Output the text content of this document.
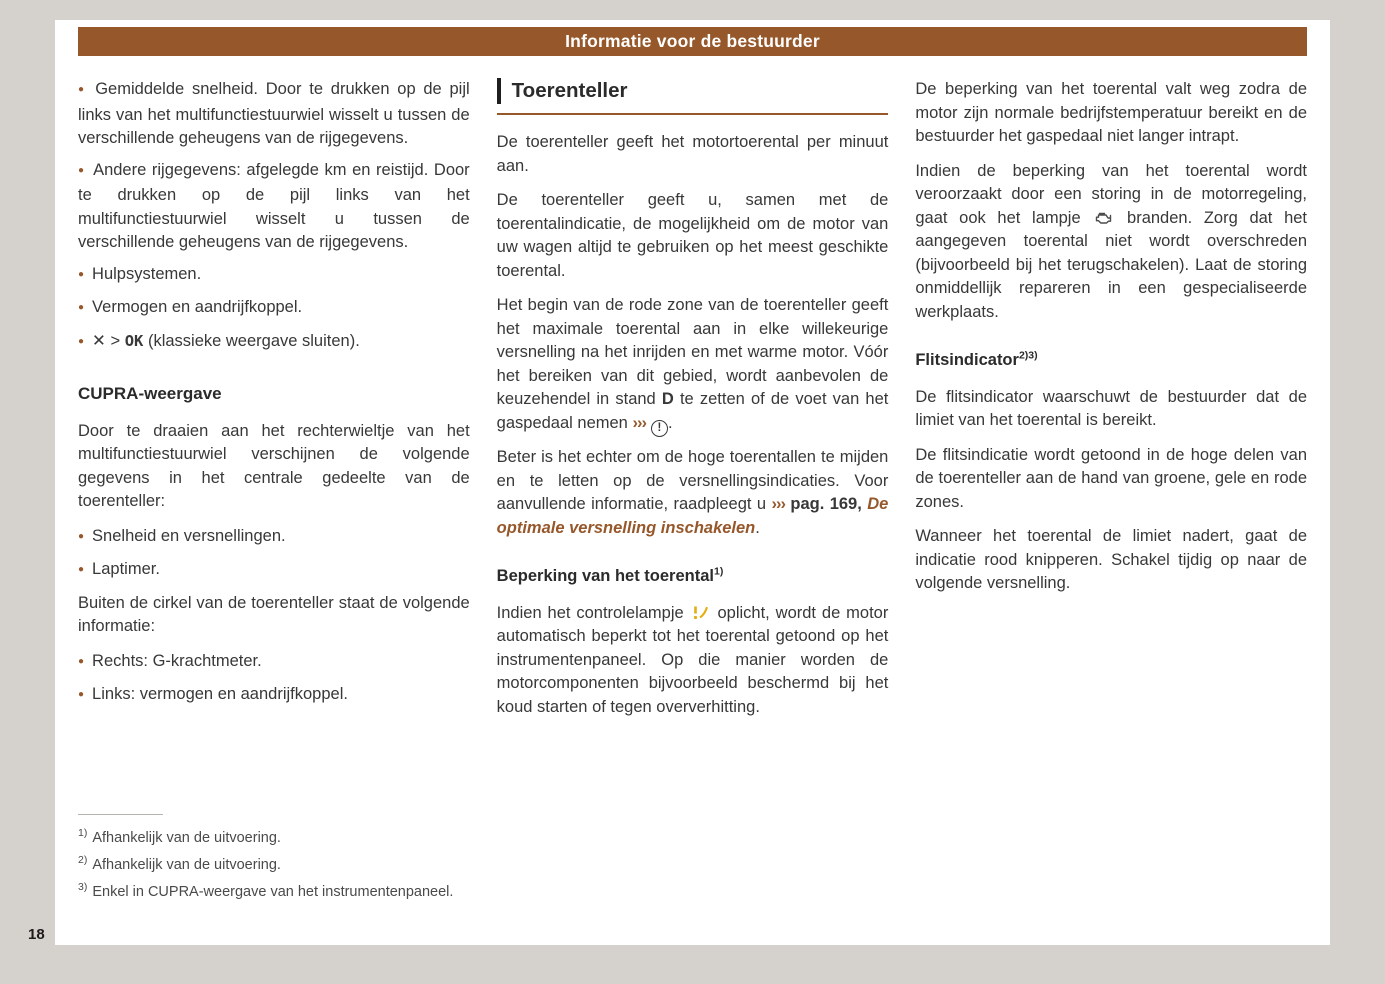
Informatie voor de bestuurder
● Gemiddelde snelheid. Door te drukken op de pijl links van het multifunctiestuurwiel wisselt u tussen de verschillende geheugens van de rijgegevens.
● Andere rijgegevens: afgelegde km en reistijd. Door te drukken op de pijl links van het multifunctiestuurwiel wisselt u tussen de verschillende geheugens van de rijgegevens.
● Hulpsystemen.
● Vermogen en aandrijfkoppel.
● ✕ > OK (klassieke weergave sluiten).
CUPRA-weergave

Door te draaien aan het rechterwieltje van het multifunctiestuurwiel verschijnen de volgende gegevens in het centrale gedeelte van de toerenteller:

● Snelheid en versnellingen.
● Laptimer.

Buiten de cirkel van de toerenteller staat de volgende informatie:

● Rechts: G-krachtmeter.
● Links: vermogen en aandrijfkoppel.
Toerenteller

De toerenteller geeft het motortoerental per minuut aan.

De toerenteller geeft u, samen met de toerentalindicatie, de mogelijkheid om de motor van uw wagen altijd te gebruiken op het meest geschikte toerental.

Het begin van de rode zone van de toerenteller geeft het maximale toerental aan in elke willekeurige versnelling na het inrijden en met warme motor. Vóór het bereiken van dit gebied, wordt aanbevolen de keuzehendel in stand D te zetten of de voet van het gaspedaal nemen ››› ! .

Beter is het echter om de hoge toerentallen te mijden en te letten op de versnellingsindicaties. Voor aanvullende informatie, raadpleegt u ››› pag. 169, De optimale versnelling inschakelen.

Beperking van het toerental$^{1)}$

Indien het controlelampje  oplicht, wordt de motor automatisch beperkt tot het toerental getoond op het instrumentenpaneel. Op die manier worden de motorcomponenten bijvoorbeeld beschermd bij het koud starten of tegen oververhitting.

De beperking van het toerental valt weg zodra de motor zijn normale bedrijfstemperatuur bereikt en de bestuurder het gaspedaal niet langer intrapt.

Indien de beperking van het toerental wordt veroorzaakt door een storing in de motorregeling, gaat ook het lampje  branden. Zorg dat het aangegeven toerental niet wordt overschreden (bijvoorbeeld bij het terugschakelen). Laat de storing onmiddellijk repareren in een gespecialiseerde werkplaats.

Flitsindicator$^{2)3)}$

De flitsindicator waarschuwt de bestuurder dat de limiet van het toerental is bereikt.

De flitsindicatie wordt getoond in de hoge delen van de toerenteller aan de hand van groene, gele en rode zones.

Wanneer het toerental de limiet nadert, gaat de indicatie rood knipperen. Schakel tijdig op naar de volgende versnelling.

$^{1)}$ Afhankelijk van de uitvoering.
$^{2)}$ Afhankelijk van de uitvoering.
$^{3)}$ Enkel in CUPRA-weergave van het instrumentenpaneel.
18
